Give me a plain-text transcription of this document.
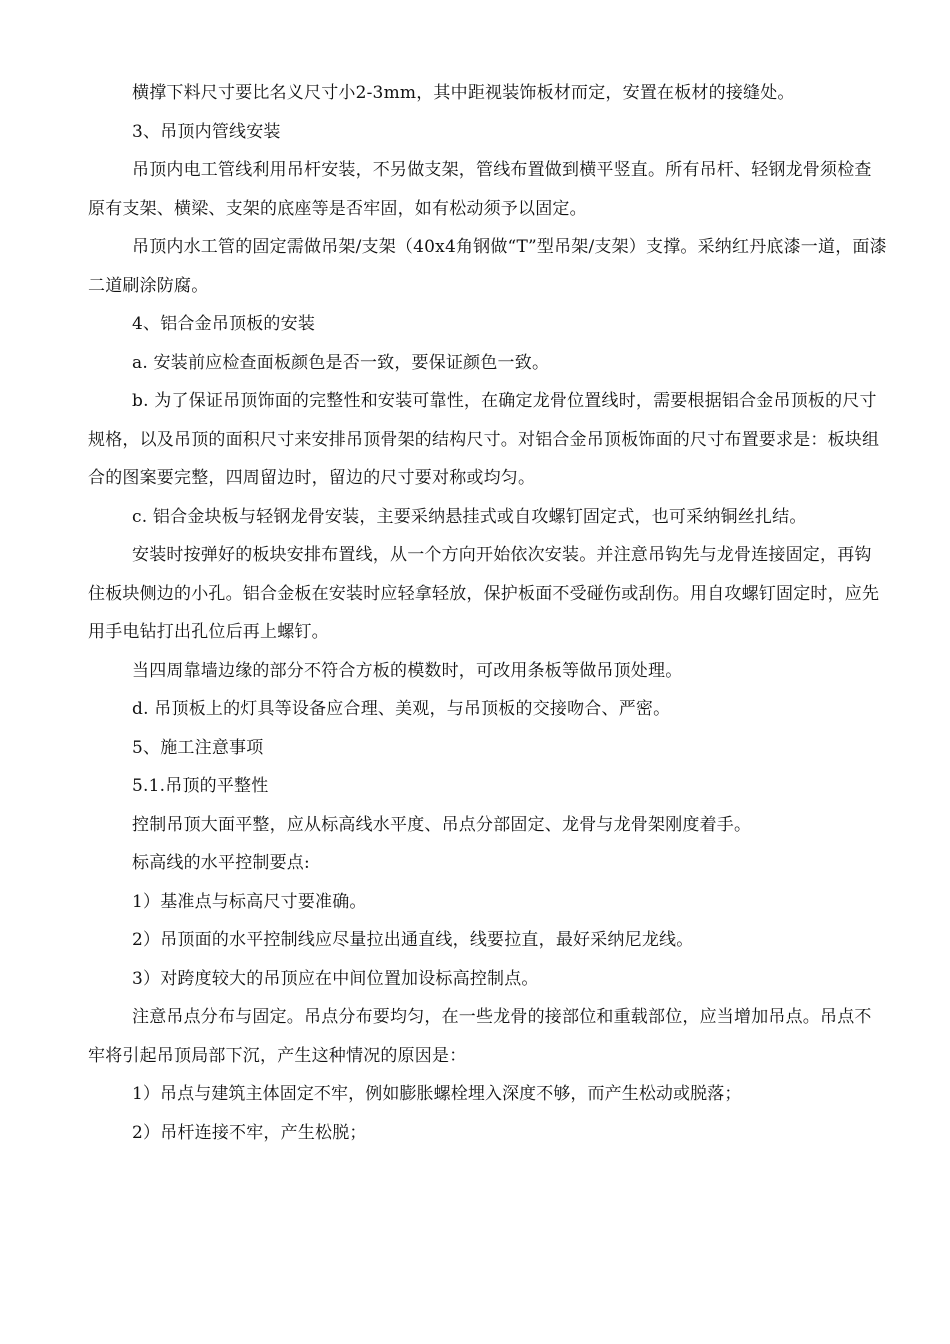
横撑下料尺寸要比名义尺寸小2-3mm，其中距视装饰板材而定，安置在板材的接缝处。

3、吊顶内管线安装

吊顶内电工管线利用吊杆安装，不另做支架，管线布置做到横平竖直。所有吊杆、轻钢龙骨须检查原有支架、横梁、支架的底座等是否牢固，如有松动须予以固定。

吊顶内水工管的固定需做吊架/支架（40x4角钢做“T”型吊架/支架）支撑。采纳红丹底漆一道，面漆二道刷涂防腐。

4、铝合金吊顶板的安装

a. 安装前应检查面板颜色是否一致，要保证颜色一致。

b. 为了保证吊顶饰面的完整性和安装可靠性，在确定龙骨位置线时，需要根据铝合金吊顶板的尺寸规格，以及吊顶的面积尺寸来安排吊顶骨架的结构尺寸。对铝合金吊顶板饰面的尺寸布置要求是：板块组合的图案要完整，四周留边时，留边的尺寸要对称或均匀。

c. 铝合金块板与轻钢龙骨安装，主要采纳悬挂式或自攻螺钉固定式，也可采纳铜丝扎结。

安装时按弹好的板块安排布置线，从一个方向开始依次安装。并注意吊钩先与龙骨连接固定，再钩住板块侧边的小孔。铝合金板在安装时应轻拿轻放，保护板面不受碰伤或刮伤。用自攻螺钉固定时，应先用手电钻打出孔位后再上螺钉。

当四周靠墙边缘的部分不符合方板的模数时，可改用条板等做吊顶处理。

d. 吊顶板上的灯具等设备应合理、美观，与吊顶板的交接吻合、严密。

5、施工注意事项

5.1.吊顶的平整性

控制吊顶大面平整，应从标高线水平度、吊点分部固定、龙骨与龙骨架刚度着手。

标高线的水平控制要点:

1）基准点与标高尺寸要准确。

2）吊顶面的水平控制线应尽量拉出通直线，线要拉直，最好采纳尼龙线。

3）对跨度较大的吊顶应在中间位置加设标高控制点。

注意吊点分布与固定。吊点分布要均匀，在一些龙骨的接部位和重载部位，应当增加吊点。吊点不牢将引起吊顶局部下沉，产生这种情况的原因是：

1）吊点与建筑主体固定不牢，例如膨胀螺栓埋入深度不够，而产生松动或脱落；

2）吊杆连接不牢，产生松脱；
